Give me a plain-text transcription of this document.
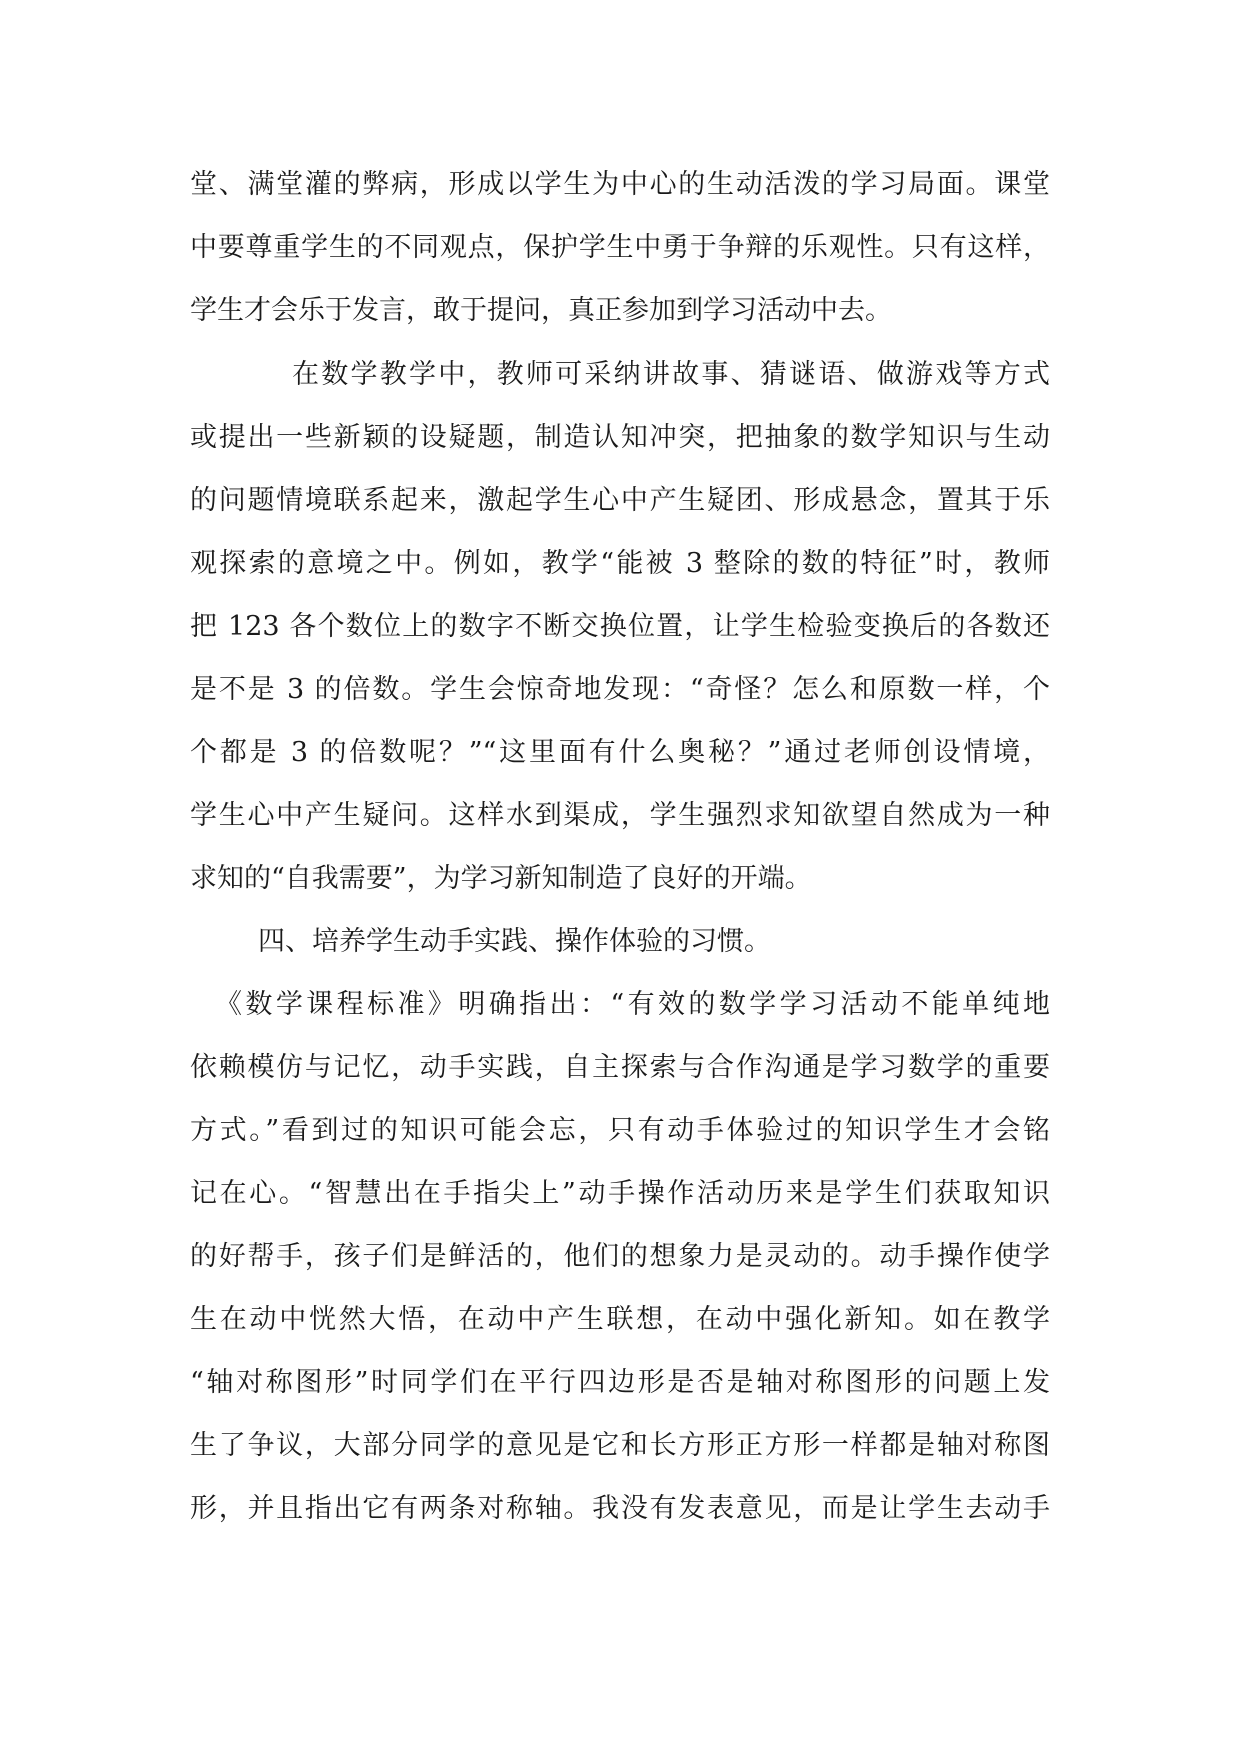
堂、满堂灌的弊病，形成以学生为中心的生动活泼的学习局面。课堂
中要尊重学生的不同观点，保护学生中勇于争辩的乐观性。只有这样，
学生才会乐于发言，敢于提问，真正参加到学习活动中去。
在数学教学中，教师可采纳讲故事、猜谜语、做游戏等方式
或提出一些新颖的设疑题，制造认知冲突，把抽象的数学知识与生动
的问题情境联系起来，激起学生心中产生疑团、形成悬念，置其于乐
观探索的意境之中。例如，教学“能被 3 整除的数的特征”时，教师
把 123 各个数位上的数字不断交换位置，让学生检验变换后的各数还
是不是 3 的倍数。学生会惊奇地发现：“奇怪？怎么和原数一样，个
个都是 3 的倍数呢？”“这里面有什么奥秘？”通过老师创设情境，
学生心中产生疑问。这样水到渠成，学生强烈求知欲望自然成为一种
求知的“自我需要”，为学习新知制造了良好的开端。
四、培养学生动手实践、操作体验的习惯。
《数学课程标准》明确指出：“有效的数学学习活动不能单纯地
依赖模仿与记忆，动手实践，自主探索与合作沟通是学习数学的重要
方式。”看到过的知识可能会忘，只有动手体验过的知识学生才会铭
记在心。“智慧出在手指尖上”动手操作活动历来是学生们获取知识
的好帮手，孩子们是鲜活的，他们的想象力是灵动的。动手操作使学
生在动中恍然大悟，在动中产生联想，在动中强化新知。如在教学
“轴对称图形”时同学们在平行四边形是否是轴对称图形的问题上发
生了争议，大部分同学的意见是它和长方形正方形一样都是轴对称图
形，并且指出它有两条对称轴。我没有发表意见，而是让学生去动手
